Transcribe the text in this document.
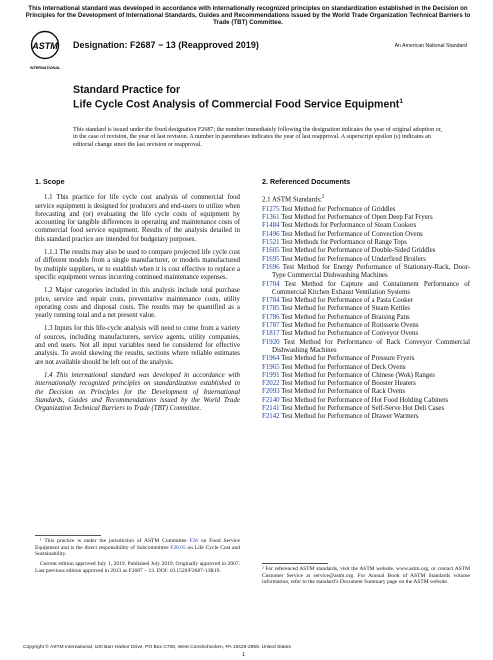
This international standard was developed in accordance with internationally recognized principles on standardization established in the Decision on Principles for the Development of International Standards, Guides and Recommendations issued by the World Trade Organization Technical Barriers to Trade (TBT) Committee.
ASTM
INTERNATIONAL
Designation: F2687 − 13 (Reapproved 2019)	An American National Standard
Standard Practice for
Life Cycle Cost Analysis of Commercial Food Service Equipment$^1$
This standard is issued under the fixed designation F2687; the number immediately following the designation indicates the year of original adoption or, in the case of revision, the year of last revision. A number in parentheses indicates the year of last reapproval. A superscript epsilon (ε) indicates an editorial change since the last revision or reapproval.
1. Scope

1.1 This practice for life cycle cost analysis of commercial food service equipment is designed for producers and end-users to utilize when forecasting and (or) evaluating the life cycle costs of equipment by accounting for tangible differences in operating and maintenance costs of commercial food service equipment. Results of the analysis detailed in this standard practice are intended for budgetary purposes.

1.1.1 The results may also be used to compare projected life cycle cost of different models from a single manufacturer, or models manufactured by multiple suppliers, or to establish when it is cost effective to replace a specific equipment versus incurring continued maintenance expenses.

1.2 Major categories included in this analysis include total purchase price, service and repair costs, preventative maintenance costs, utility operating costs and disposal costs. The results may be quantified as a yearly running total and a net present value.

1.3 Inputs for this life-cycle analysis will need to come from a variety of sources, including manufacturers, service agents, utility companies, and end users. Not all input variables need be considered for effective analysis. To avoid skewing the results, sections where reliable estimates are not available should be left out of the analysis.

1.4 This international standard was developed in accordance with internationally recognized principles on standardization established in the Decision on Principles for the Development of International Standards, Guides and Recommendations issued by the World Trade Organization Technical Barriers to Trade (TBT) Committee.

2. Referenced Documents

2.1 ASTM Standards:$^2$

F1275 Test Method for Performance of Griddles

F1361 Test Method for Performance of Open Deep Fat Fryers

F1484 Test Methods for Performance of Steam Cookers

F1496 Test Method for Performance of Convection Ovens

F1521 Test Methods for Performance of Range Tops

F1605 Test Method for Performance of Double-Sided Griddles

F1695 Test Method for Performance of Underfired Broilers

F1696 Test Method for Energy Performance of Stationary-Rack, Door-Type Commercial Dishwashing Machines

F1704 Test Method for Capture and Containment Performance of Commercial Kitchen Exhaust Ventilation Systems

F1784 Test Method for Performance of a Pasta Cooker

F1785 Test Method for Performance of Steam Kettles

F1786 Test Method for Performance of Braising Pans

F1787 Test Method for Performance of Rotisserie Ovens

F1817 Test Method for Performance of Conveyor Ovens

F1920 Test Method for Performance of Rack Conveyor Commercial Dishwashing Machines

F1964 Test Method for Performance of Pressure Fryers

F1965 Test Method for Performance of Deck Ovens

F1991 Test Method for Performance of Chinese (Wok) Ranges

F2022 Test Method for Performance of Booster Heaters

F2093 Test Method for Performance of Rack Ovens

F2140 Test Method for Performance of Hot Food Holding Cabinets

F2141 Test Method for Performance of Self-Serve Hot Deli Cases

F2142 Test Method for Performance of Drawer Warmers

¹ This practice is under the jurisdiction of ASTM Committee F26 on Food Service Equipment and is the direct responsibility of Subcommittee F26.05 on Life Cycle Cost and Sustainability.

Current edition approved July 1, 2019. Published July 2019. Originally approved in 2007. Last previous edition approved in 2013 as F2687 − 13. DOI: 10.1520/F2687-13R19.	² For referenced ASTM standards, visit the ASTM website, www.astm.org, or contact ASTM Customer Service at service@astm.org. For Annual Book of ASTM Standards volume information, refer to the standard’s Document Summary page on the ASTM website.
Copyright © ASTM International, 100 Barr Harbor Drive, PO Box C700, West Conshohocken, PA 19428-2959. United States
1
